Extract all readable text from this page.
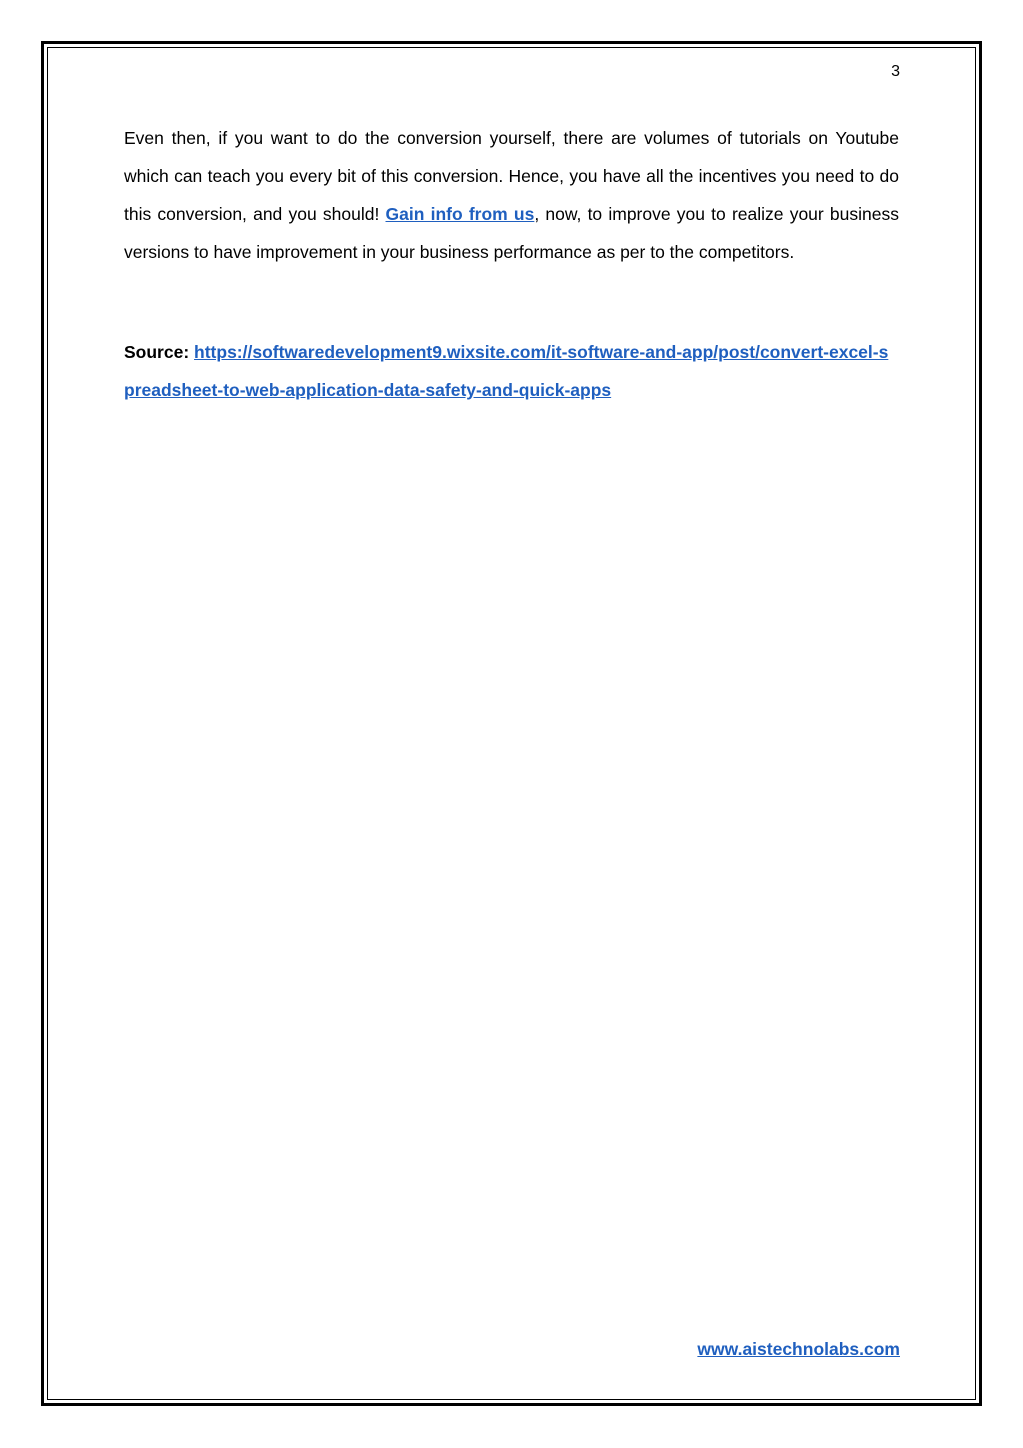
3

Even then, if you want to do the conversion yourself, there are volumes of tutorials on Youtube which can teach you every bit of this conversion. Hence, you have all the incentives you need to do this conversion, and you should! Gain info from us, now, to improve you to realize your business versions to have improvement in your business performance as per to the competitors.

Source: https://softwaredevelopment9.wixsite.com/it-software-and-app/post/convert-excel-spreadsheet-to-web-application-data-safety-and-quick-apps

www.aistechnolabs.com
